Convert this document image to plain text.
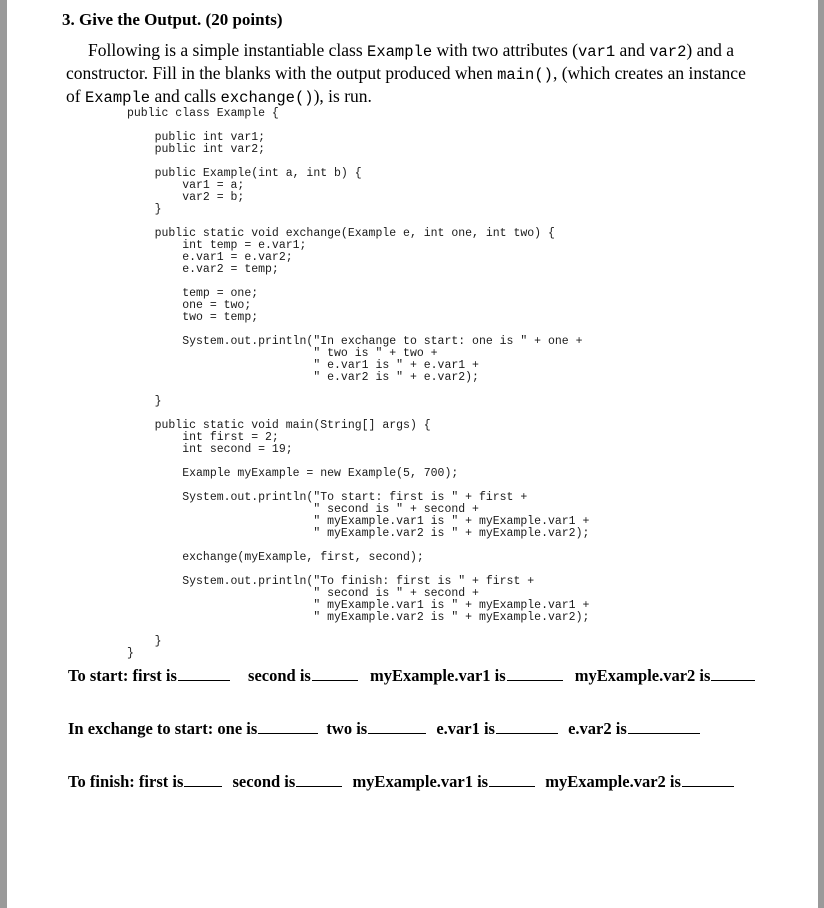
3. Give the Output. (20 points)
Following is a simple instantiable class Example with two attributes (var1 and var2) and a constructor. Fill in the blanks with the output produced when main(), (which creates an instance of Example and calls exchange()), is run.
public class Example {

public int var1;
public int var2;

public Example(int a, int b) {
var1 = a;
var2 = b;
}

public static void exchange(Example e, int one, int two) {
int temp = e.var1;
e.var1 = e.var2;
e.var2 = temp;

temp = one;
one = two;
two = temp;

System.out.println("In exchange to start: one is " + one +
" two is " + two +
" e.var1 is " + e.var1 +
" e.var2 is " + e.var2);

}

public static void main(String[] args) {
int first = 2;
int second = 19;

Example myExample = new Example(5, 700);

System.out.println("To start: first is " + first +
" second is " + second +
" myExample.var1 is " + myExample.var1 +
" myExample.var2 is " + myExample.var2);

exchange(myExample, first, second);

System.out.println("To finish: first is " + first +
" second is " + second +
" myExample.var1 is " + myExample.var1 +
" myExample.var2 is " + myExample.var2);

}
}

To start: first is	second is	myExample.var1 is	myExample.var2 is
In exchange to start: one is	two is	e.var1 is	e.var2 is
To finish: first is	second is	myExample.var1 is	myExample.var2 is
